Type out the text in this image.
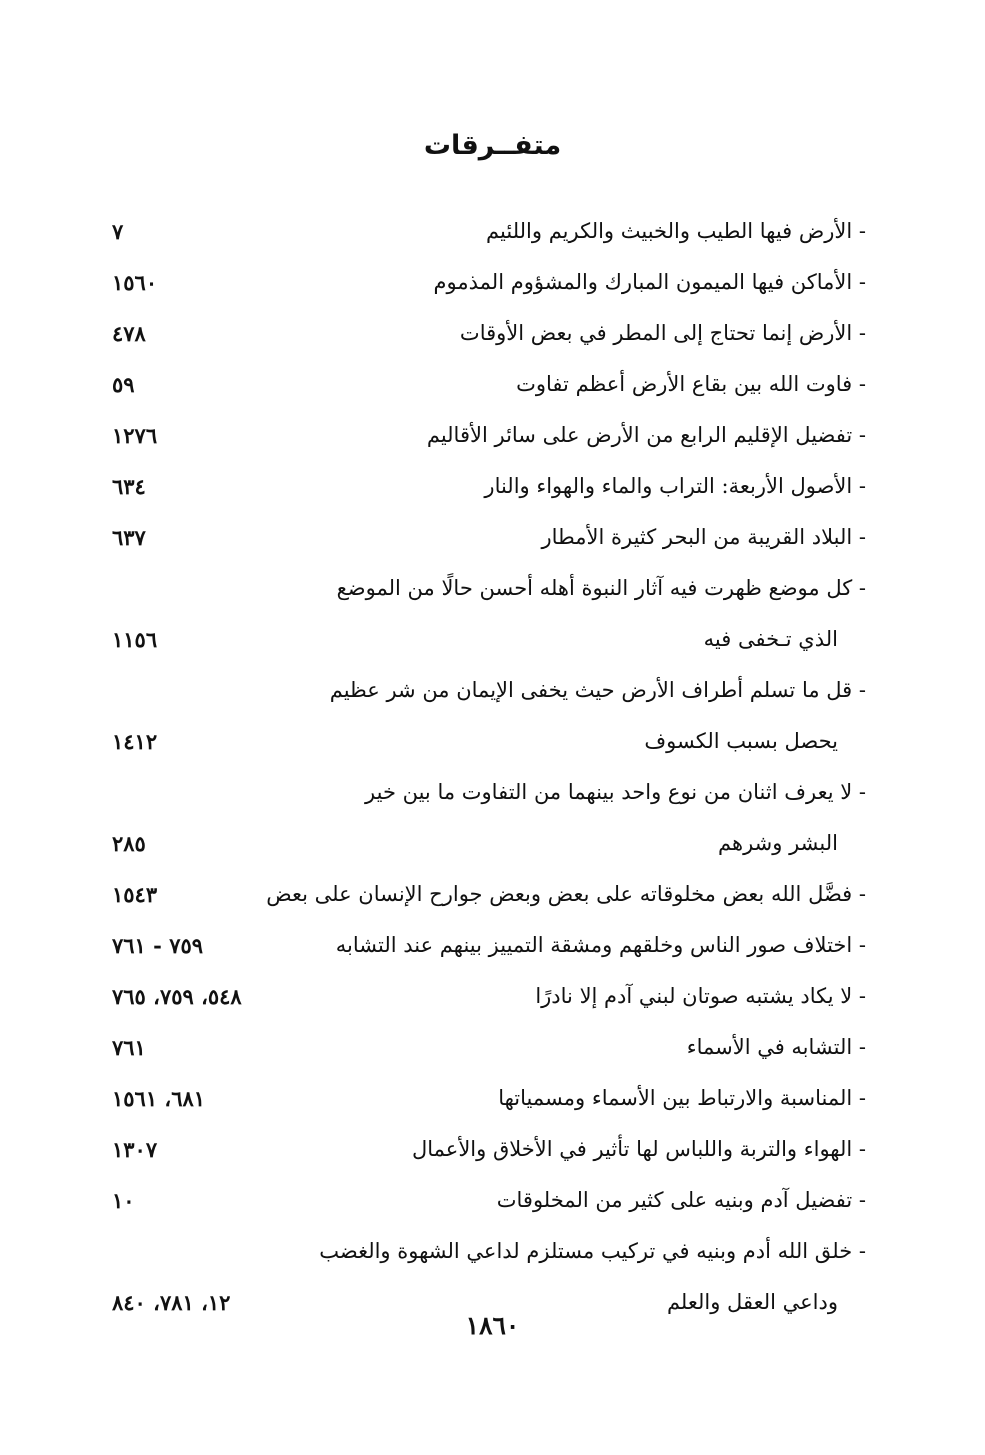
متفــرقات
- الأرض فيها الطيب والخبيث والكريم واللئيم
٧
- الأماكن فيها الميمون المبارك والمشؤوم المذموم
١٥٦٠
- الأرض إنما تحتاج إلى المطر في بعض الأوقات
٤٧٨
- فاوت الله بين بقاع الأرض أعظم تفاوت
٥٩
- تفضيل الإقليم الرابع من الأرض على سائر الأقاليم
١٢٧٦
- الأصول الأربعة: التراب والماء والهواء والنار
٦٣٤
- البلاد القريبة من البحر كثيرة الأمطار
٦٣٧
- كل موضع ظهرت فيه آثار النبوة أهله أحسن حالًا من الموضع
الذي تـخفى فيه
١١٥٦
- قل ما تسلم أطراف الأرض حيث يخفى الإيمان من شر عظيم
يحصل بسبب الكسوف
١٤١٢
- لا يعرف اثنان من نوع واحد بينهما من التفاوت ما بين خير
البشر وشرهم
٢٨٥
- فضَّل الله بعض مخلوقاته على بعض وبعض جوارح الإنسان على بعض
١٥٤٣
- اختلاف صور الناس وخلقهم ومشقة التمييز بينهم عند التشابه
٧٥٩ - ٧٦١
- لا يكاد يشتبه صوتان لبني آدم إلا نادرًا
٥٤٨، ٧٥٩، ٧٦٥
- التشابه في الأسماء
٧٦١
- المناسبة والارتباط بين الأسماء ومسمياتها
٦٨١، ١٥٦١
- الهواء والتربة واللباس لها تأثير في الأخلاق والأعمال
١٣٠٧
- تفضيل آدم وبنيه على كثير من المخلوقات
١٠
- خلق الله أدم وبنيه في تركيب مستلزم لداعي الشهوة والغضب
وداعي العقل والعلم
١٢، ٧٨١، ٨٤٠
١٨٦٠
